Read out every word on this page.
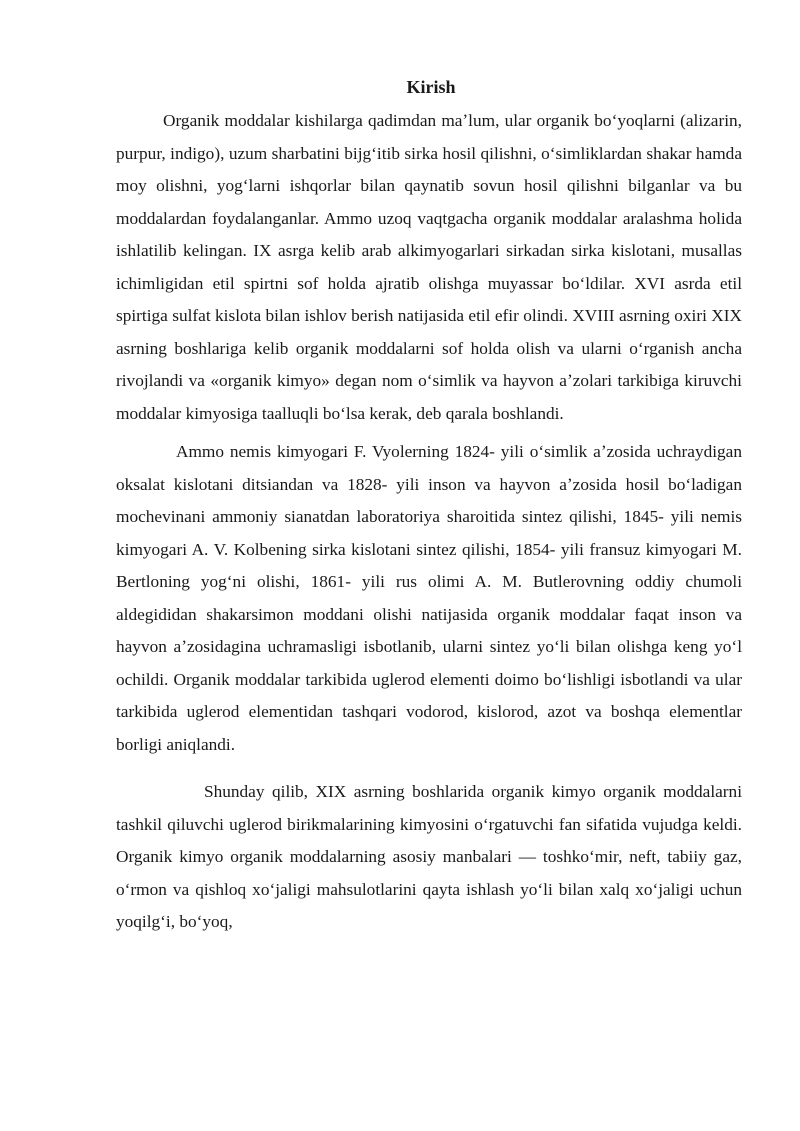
Kirish

Organik moddalar kishilarga qadimdan maʼlum, ular organik boʻyoqlarni (alizarin, purpur, indigo), uzum sharbatini bijgʻitib sirka hosil qilishni, oʻsimliklardan shakar hamda moy olishni, yogʻlarni ishqorlar bilan qaynatib sovun hosil qilishni bilganlar va bu moddalardan foydalanganlar. Ammo uzoq vaqtgacha organik moddalar aralashma holida ishlatilib kelingan. IX asrga kelib arab alkimyogarlari sirkadan sirka kislotani, musallas ichimligidan etil spirtni sof holda ajratib olishga muyassar boʻldilar. XVI asrda etil spirtiga sulfat kislota bilan ishlov berish natijasida etil efir olindi. XVIII asrning oxiri XIX asrning boshlariga kelib organik moddalarni sof holda olish va ularni oʻrganish ancha rivojlandi va «organik kimyo» degan nom oʻsimlik va hayvon aʼzolari tarkibiga kiruvchi moddalar kimyosiga taalluqli boʻlsa kerak, deb qarala boshlandi.

Ammo nemis kimyogari F. Vyolerning 1824- yili oʻsimlik aʼzosida uchraydigan oksalat kislotani ditsiandan va 1828- yili inson va hayvon aʼzosida hosil boʻladigan mochevinani ammoniy sianatdan laboratoriya sharoitida sintez qilishi, 1845- yili nemis kimyogari A. V. Kolbening sirka kislotani sintez qilishi, 1854- yili fransuz kimyogari M. Bertloning yogʻni olishi, 1861- yili rus olimi A. M. Butlerovning oddiy chumoli aldegididan shakarsimon moddani olishi natijasida organik moddalar faqat inson va hayvon aʼzosidagina uchramasligi isbotlanib, ularni sintez yoʻli bilan olishga keng yoʻl ochildi. Organik moddalar tarkibida uglerod elementi doimo boʻlishligi isbotlandi va ular tarkibida uglerod elementidan tashqari vodorod, kislorod, azot va boshqa elementlar borligi aniqlandi.

Shunday qilib, XIX asrning boshlarida organik kimyo organik moddalarni tashkil qiluvchi uglerod birikmalarining kimyosini oʻrgatuvchi fan sifatida vujudga keldi. Organik kimyo organik moddalarning asosiy manbalari — toshkoʻmir, neft, tabiiy gaz, oʻrmon va qishloq xoʻjaligi mahsulotlarini qayta ishlash yoʻli bilan xalq xoʻjaligi uchun yoqilgʻi, boʻyoq,
